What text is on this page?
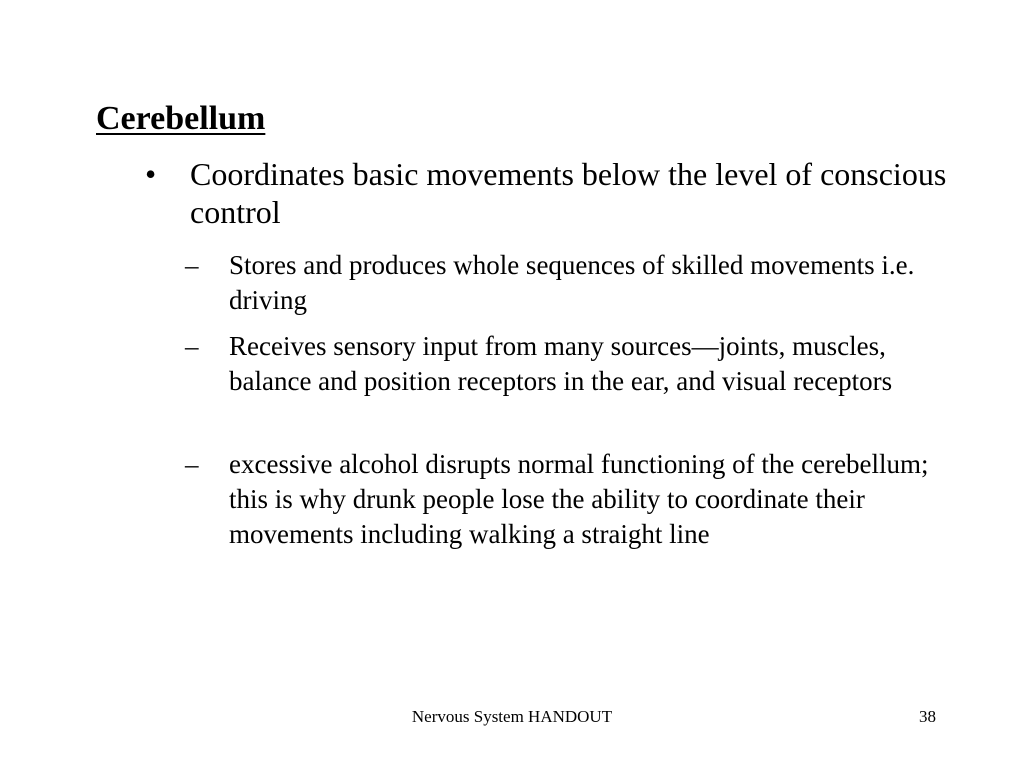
Cerebellum
• Coordinates basic movements below the level of conscious control
– Stores and produces whole sequences of skilled movements i.e. driving
– Receives sensory input from many sources—joints, muscles, balance and position receptors in the ear, and visual receptors
– excessive alcohol disrupts normal functioning of the cerebellum; this is why drunk people lose the ability to coordinate their movements including walking a straight line
Nervous System HANDOUT	38
